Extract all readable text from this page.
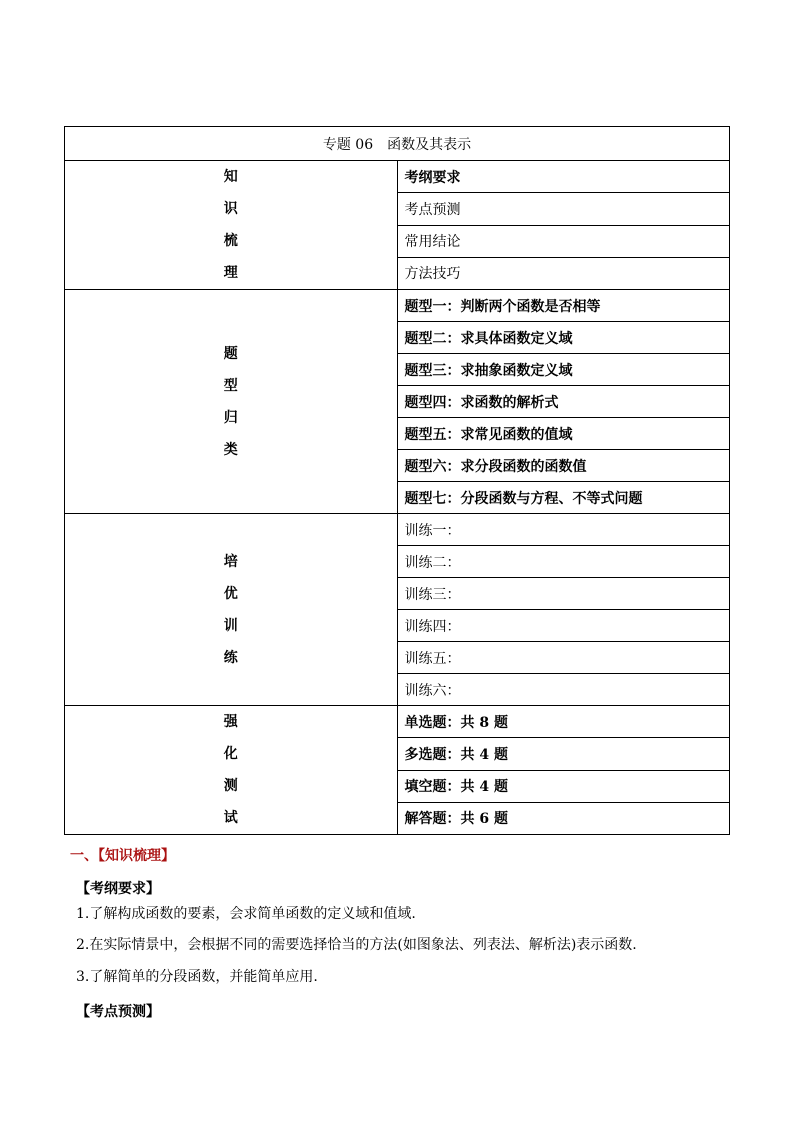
专题 06 函数及其表示	

知
识
梳
理	考纲要求
	考点预测
	常用结论
	方法技巧

题
型
归
类	题型一：判断两个函数是否相等
	题型二：求具体函数定义域
	题型三：求抽象函数定义域
	题型四：求函数的解析式
	题型五：求常见函数的值域
	题型六：求分段函数的函数值
	题型七：分段函数与方程、不等式问题

培
优
训
练	训练一：
	训练二：
	训练三：
	训练四：
	训练五：
	训练六：

强
化
测
试	单选题：共 8 题
	多选题：共 4 题
	填空题：共 4 题
	解答题：共 6 题
一、【知识梳理】
【考纲要求】
1.了解构成函数的要素，会求简单函数的定义域和值域.
2.在实际情景中，会根据不同的需要选择恰当的方法(如图象法、列表法、解析法)表示函数.
3.了解简单的分段函数，并能简单应用.
【考点预测】
